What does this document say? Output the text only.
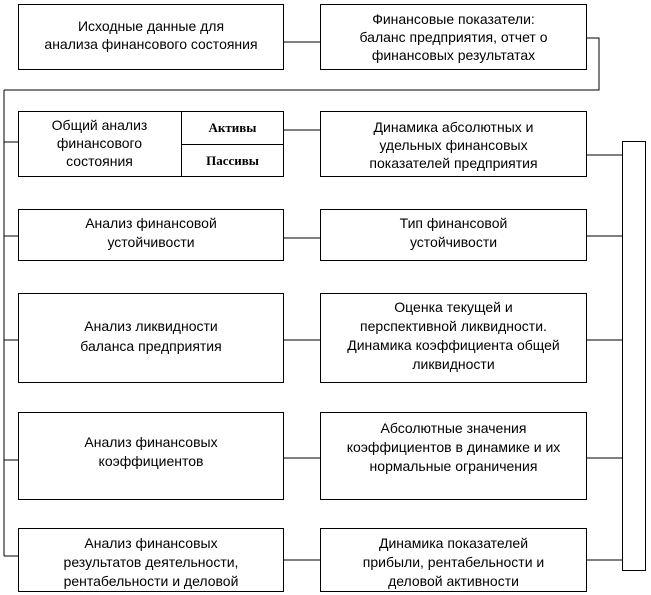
Исходные данные для
анализа финансового состояния
Финансовые показатели:
баланс предприятия, отчет о
финансовых результатах
Общий анализ
финансового
состояния
Активы
Пассивы
Динамика абсолютных и
удельных финансовых
показателей предприятия
Анализ финансовой
устойчивости
Тип финансовой
устойчивости
Анализ ликвидности
баланса предприятия
Оценка текущей и
перспективной ликвидности.
Динамика коэффициента общей
ликвидности
Анализ финансовых
коэффициентов
Абсолютные значения
коэффициентов в динамике и их
нормальные ограничения
Анализ финансовых
результатов деятельности,
рентабельности и деловой
Динамика показателей
прибыли, рентабельности и
деловой активности
